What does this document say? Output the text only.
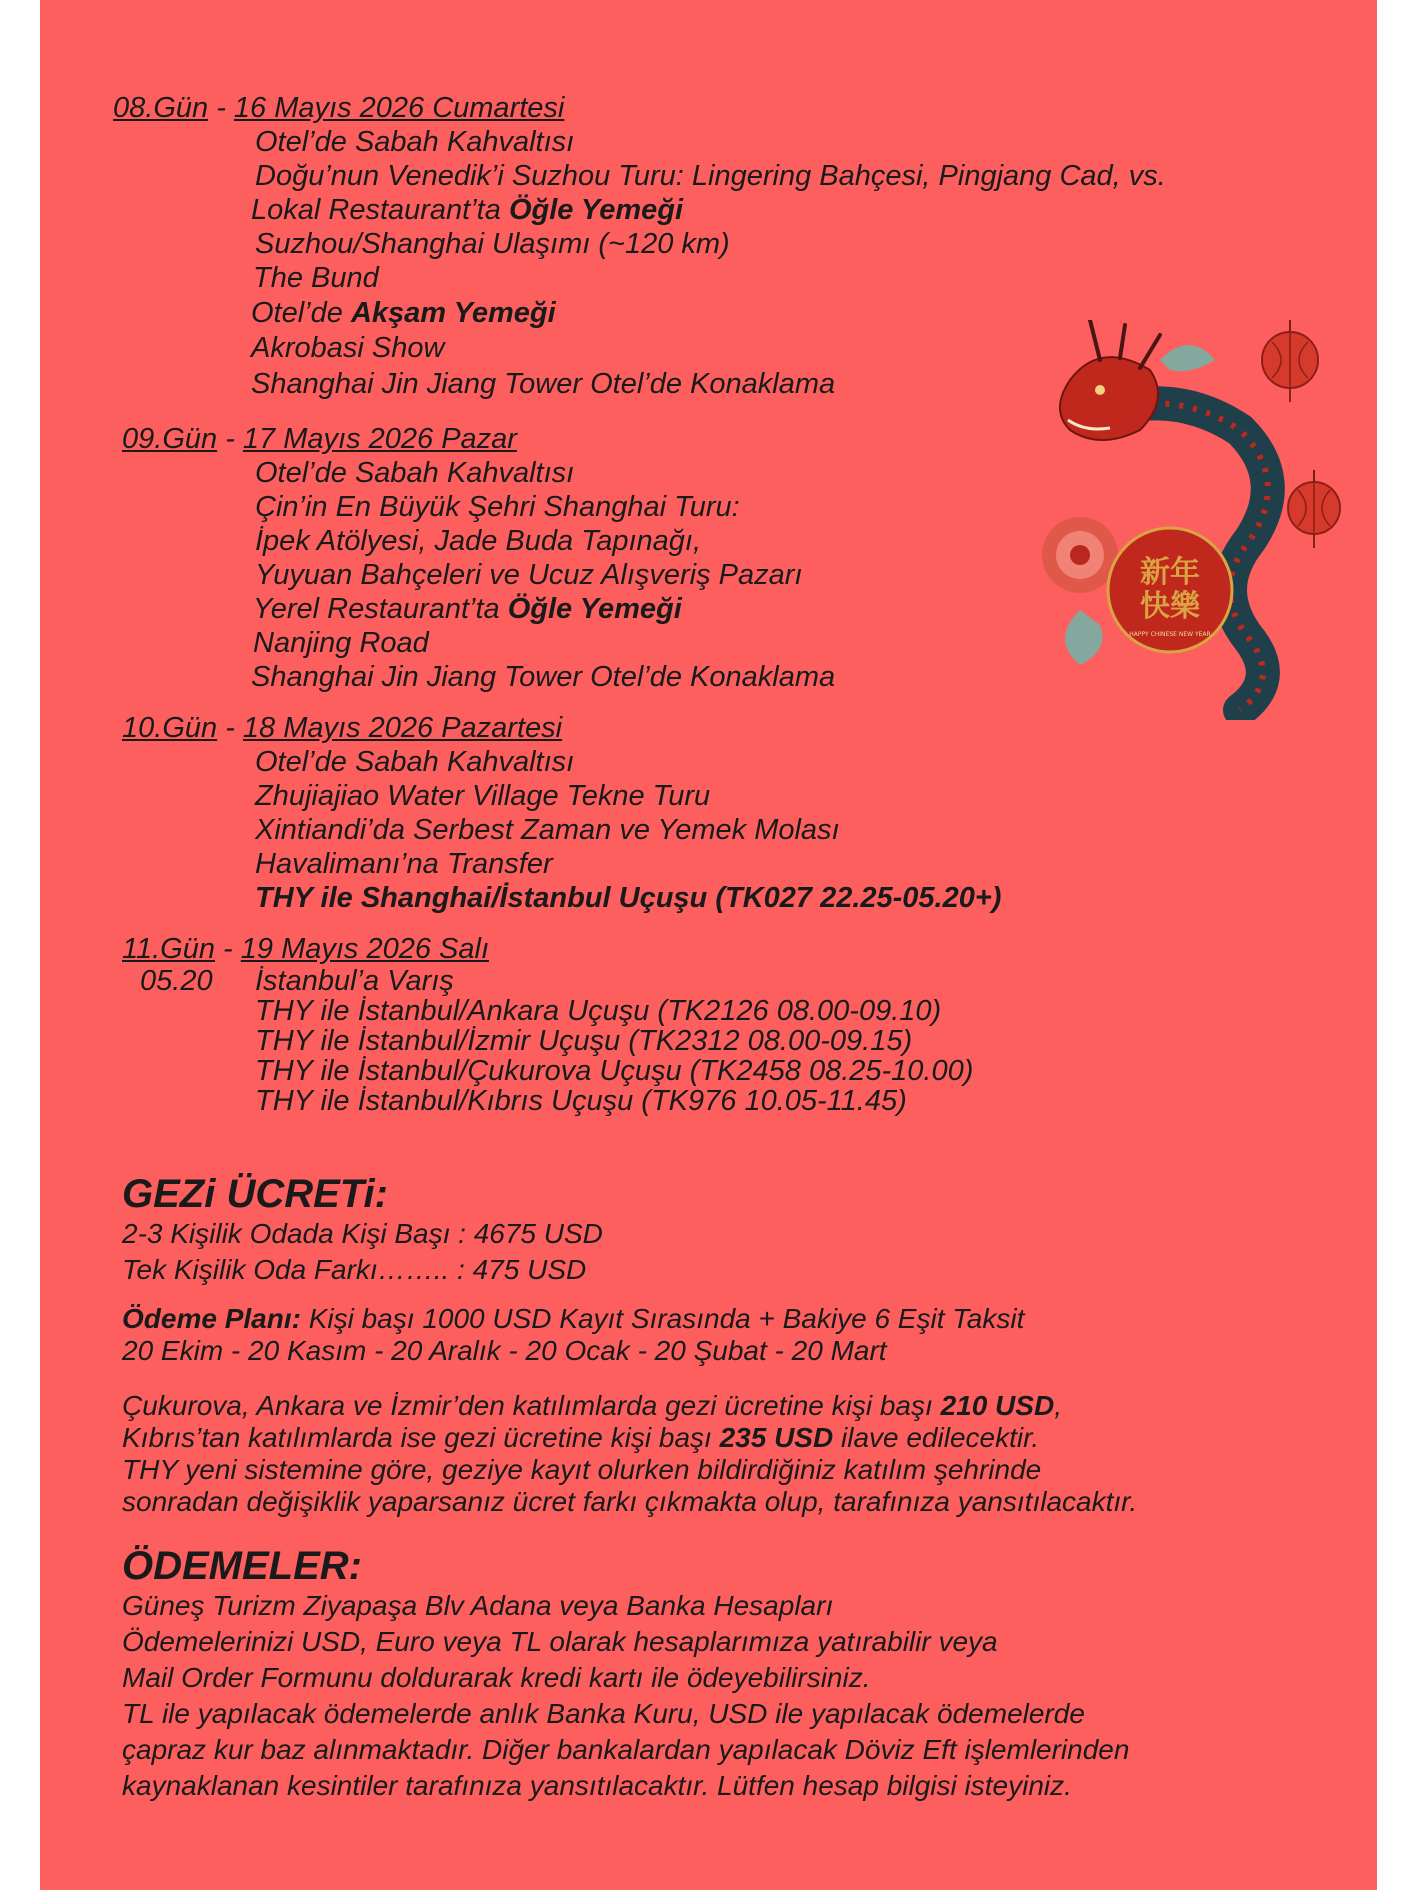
08.Gün - 16 Mayıs 2026 Cumartesi
Otel’de Sabah Kahvaltısı
Doğu’nun Venedik’i Suzhou Turu: Lingering Bahçesi, Pingjang Cad, vs.
Lokal Restaurant’ta Öğle Yemeği
Suzhou/Shanghai Ulaşımı (~120 km)
The Bund
Otel’de Akşam Yemeği
Akrobasi Show
Shanghai Jin Jiang Tower Otel’de Konaklama
09.Gün - 17 Mayıs 2026 Pazar
Otel’de Sabah Kahvaltısı
Çin’in En Büyük Şehri Shanghai Turu:
İpek Atölyesi, Jade Buda Tapınağı,
Yuyuan Bahçeleri ve Ucuz Alışveriş Pazarı
Yerel Restaurant’ta Öğle Yemeği
Nanjing Road
Shanghai Jin Jiang Tower Otel’de Konaklama
10.Gün - 18 Mayıs 2026 Pazartesi
Otel’de Sabah Kahvaltısı
Zhujiajiao Water Village Tekne Turu
Xintiandi’da Serbest Zaman ve Yemek Molası
Havalimanı’na Transfer
THY ile Shanghai/İstanbul Uçuşu (TK027 22.25-05.20+)
11.Gün - 19 Mayıs 2026 Salı
05.20 İstanbul’a Varış
THY ile İstanbul/Ankara Uçuşu (TK2126 08.00-09.10)
THY ile İstanbul/İzmir Uçuşu (TK2312 08.00-09.15)
THY ile İstanbul/Çukurova Uçuşu (TK2458 08.25-10.00)
THY ile İstanbul/Kıbrıs Uçuşu (TK976 10.05-11.45)
GEZi ÜCRETi:
2-3 Kişilik Odada Kişi Başı : 4675 USD
Tek Kişilik Oda Farkı…….. : 475 USD
Ödeme Planı: Kişi başı 1000 USD Kayıt Sırasında + Bakiye 6 Eşit Taksit
20 Ekim - 20 Kasım - 20 Aralık - 20 Ocak - 20 Şubat - 20 Mart
Çukurova, Ankara ve İzmir’den katılımlarda gezi ücretine kişi başı 210 USD,
Kıbrıs’tan katılımlarda ise gezi ücretine kişi başı 235 USD ilave edilecektir.
THY yeni sistemine göre, geziye kayıt olurken bildirdiğiniz katılım şehrinde
sonradan değişiklik yaparsanız ücret farkı çıkmakta olup, tarafınıza yansıtılacaktır.
ÖDEMELER:
Güneş Turizm Ziyapaşa Blv Adana veya Banka Hesapları
Ödemelerinizi USD, Euro veya TL olarak hesaplarımıza yatırabilir veya
Mail Order Formunu doldurarak kredi kartı ile ödeyebilirsiniz.
TL ile yapılacak ödemelerde anlık Banka Kuru, USD ile yapılacak ödemelerde
çapraz kur baz alınmaktadır. Diğer bankalardan yapılacak Döviz Eft işlemlerinden
kaynaklanan kesintiler tarafınıza yansıtılacaktır. Lütfen hesap bilgisi isteyiniz.
新年
快樂
HAPPY CHINESE NEW YEAR
